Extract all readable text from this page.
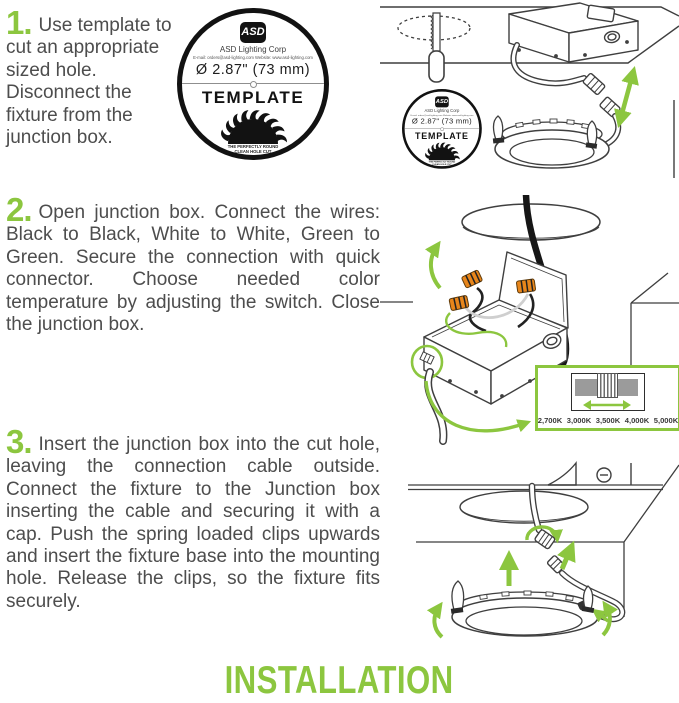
1. Use template to cut an appropriate sized hole. Disconnect the fixture from the junction box.

2. Open junction box. Connect the wires: Black to Black, White to White, Green to Green. Secure the connection with quick connector. Choose needed color temperature by adjusting the switch. Close the junction box.

3. Insert the junction box into the cut hole, leaving the connection cable outside. Connect the fixture to the Junction box inserting the cable and securing it with a cap. Push the spring loaded clips upwards and insert the fixture base into the mounting hole. Release the clips, so the fixture fits securely.

ASD
ASD Lighting Corp
E-mail: orders@asd-lighting.com Website: www.asd-lighting.com
Ø 2.87" (73 mm)
TEMPLATE
THE PERFECTLY ROUND
CLEAN HOLE CUT
ASD
ASD Lighting Corp
E-mail: orders@asd-lighting.com Website: www.asd-lighting.com
Ø 2.87" (73 mm)
TEMPLATE
THE PERFECTLY ROUND
CLEAN HOLE CUT
2,700K 3,000K 3,500K 4,000K 5,000K
INSTALLATION
